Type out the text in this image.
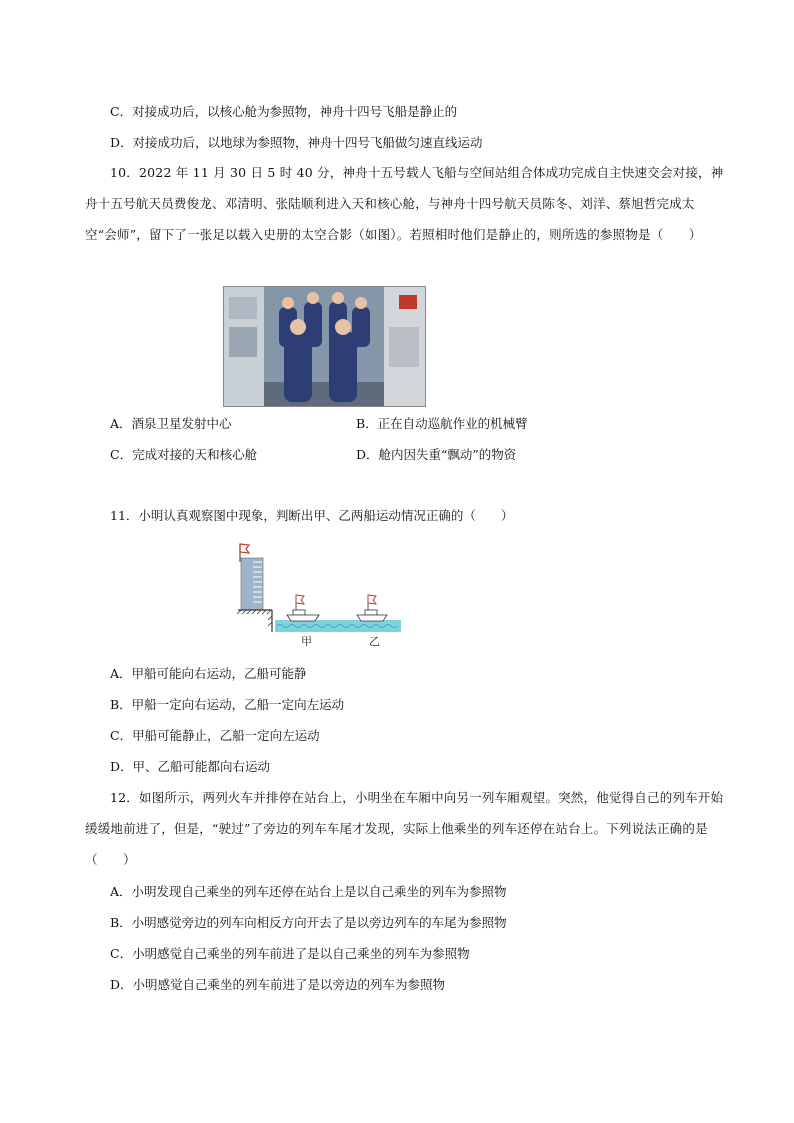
C．对接成功后，以核心舱为参照物，神舟十四号飞船是静止的
D．对接成功后，以地球为参照物，神舟十四号飞船做匀速直线运动
10．2022 年 11 月 30 日 5 时 40 分，神舟十五号载人飞船与空间站组合体成功完成自主快速交会对接，神舟十五号航天员费俊龙、邓清明、张陆顺利进入天和核心舱，与神舟十四号航天员陈冬、刘洋、蔡旭哲完成太空“会师”，留下了一张足以载入史册的太空合影（如图）。若照相时他们是静止的，则所选的参照物是（　　）
A．酒泉卫星发射中心	B．正在自动巡航作业的机械臂
C．完成对接的天和核心舱	D．舱内因失重“飘动”的物资
11．小明认真观察图中现象，判断出甲、乙两船运动情况正确的（　　）
甲	乙
A．甲船可能向右运动，乙船可能静
B．甲船一定向右运动，乙船一定向左运动
C．甲船可能静止，乙船一定向左运动
D．甲、乙船可能都向右运动
12．如图所示，两列火车并排停在站台上，小明坐在车厢中向另一列车厢观望。突然，他觉得自己的列车开始缓缓地前进了，但是，“驶过”了旁边的列车车尾才发现，实际上他乘坐的列车还停在站台上。下列说法正确的是（　　）
A．小明发现自己乘坐的列车还停在站台上是以自己乘坐的列车为参照物
B．小明感觉旁边的列车向相反方向开去了是以旁边列车的车尾为参照物
C．小明感觉自己乘坐的列车前进了是以自己乘坐的列车为参照物
D．小明感觉自己乘坐的列车前进了是以旁边的列车为参照物
